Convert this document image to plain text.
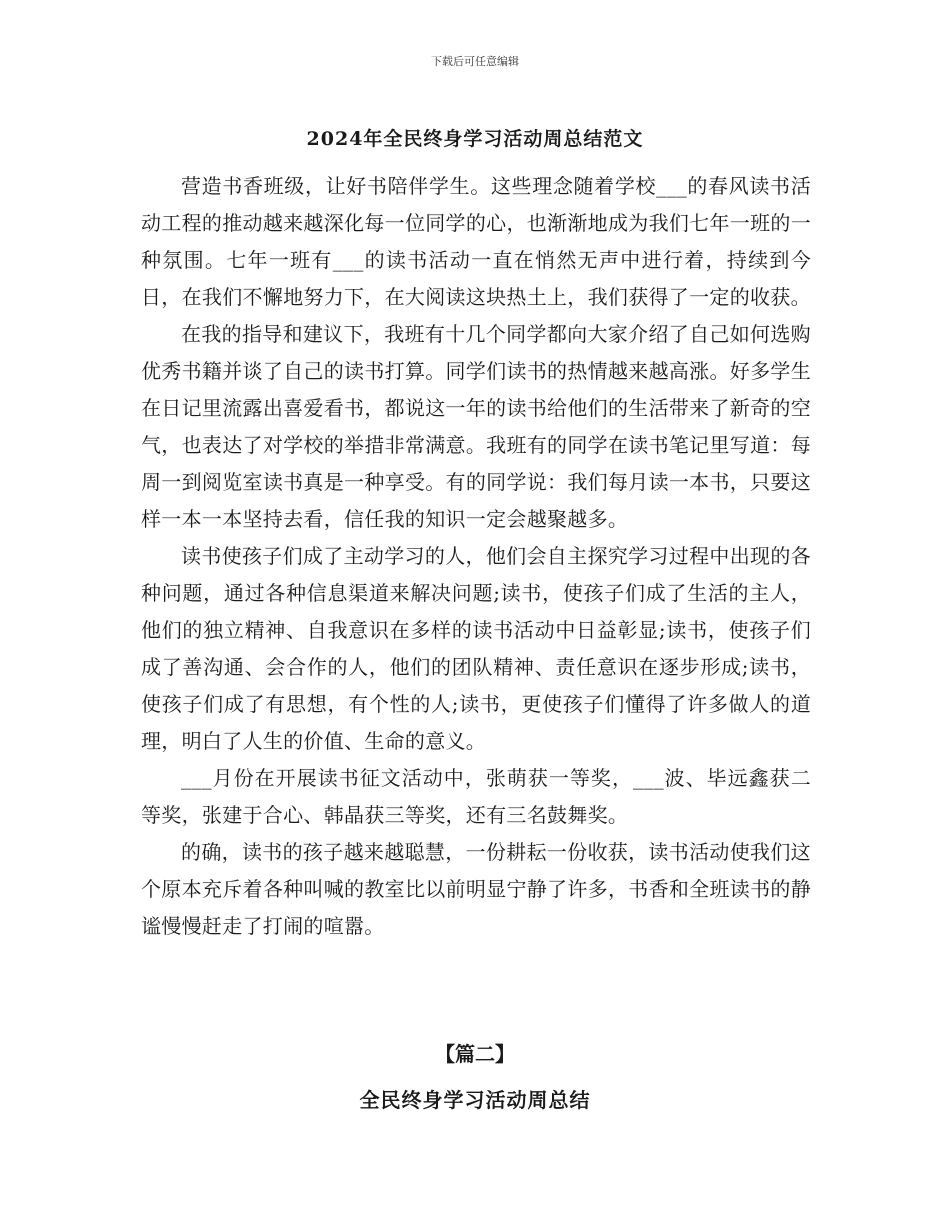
下载后可任意编辑
2024年全民终身学习活动周总结范文

营造书香班级，让好书陪伴学生。这些理念随着学校___的春风读书活动工程的推动越来越深化每一位同学的心，也渐渐地成为我们七年一班的一种氛围。七年一班有___的读书活动一直在悄然无声中进行着，持续到今日，在我们不懈地努力下，在大阅读这块热土上，我们获得了一定的收获。

在我的指导和建议下，我班有十几个同学都向大家介绍了自己如何选购优秀书籍并谈了自己的读书打算。同学们读书的热情越来越高涨。好多学生在日记里流露出喜爱看书，都说这一年的读书给他们的生活带来了新奇的空气，也表达了对学校的举措非常满意。我班有的同学在读书笔记里写道：每周一到阅览室读书真是一种享受。有的同学说：我们每月读一本书，只要这样一本一本坚持去看，信任我的知识一定会越聚越多。

读书使孩子们成了主动学习的人，他们会自主探究学习过程中出现的各种问题，通过各种信息渠道来解决问题;读书，使孩子们成了生活的主人，他们的独立精神、自我意识在多样的读书活动中日益彰显;读书，使孩子们成了善沟通、会合作的人，他们的团队精神、责任意识在逐步形成;读书，使孩子们成了有思想，有个性的人;读书，更使孩子们懂得了许多做人的道理，明白了人生的价值、生命的意义。

___月份在开展读书征文活动中，张萌获一等奖，___波、毕远鑫获二等奖，张建于合心、韩晶获三等奖，还有三名鼓舞奖。

的确，读书的孩子越来越聪慧，一份耕耘一份收获，读书活动使我们这个原本充斥着各种叫喊的教室比以前明显宁静了许多，书香和全班读书的静谧慢慢赶走了打闹的喧嚣。

【篇二】
全民终身学习活动周总结
